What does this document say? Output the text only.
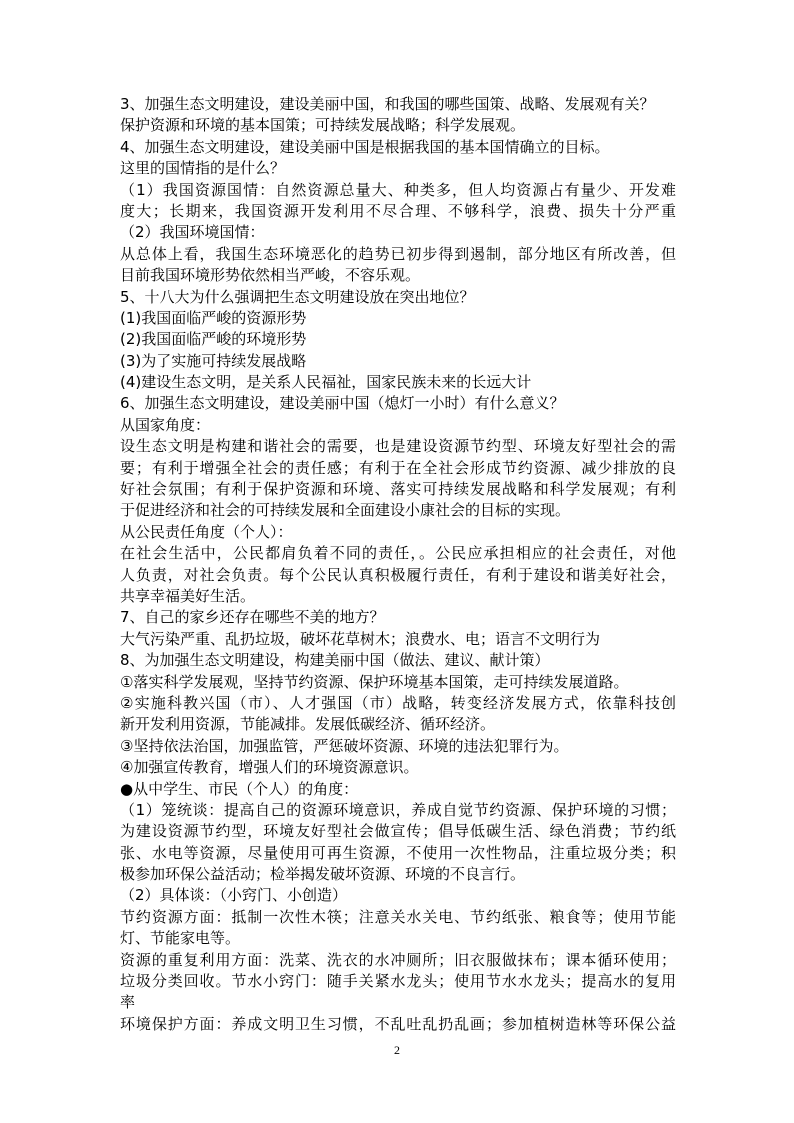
3、加强生态文明建设，建设美丽中国，和我国的哪些国策、战略、发展观有关？
保护资源和环境的基本国策；可持续发展战略；科学发展观。
4、加强生态文明建设，建设美丽中国是根据我国的基本国情确立的目标。
这里的国情指的是什么？
（1）我国资源国情：自然资源总量大、种类多，但人均资源占有量少、开发难
度大；长期来，我国资源开发利用不尽合理、不够科学，浪费、损失十分严重
（2）我国环境国情：
从总体上看，我国生态环境恶化的趋势已初步得到遏制，部分地区有所改善，但
目前我国环境形势依然相当严峻，不容乐观。
5、十八大为什么强调把生态文明建设放在突出地位？
(1)我国面临严峻的资源形势
(2)我国面临严峻的环境形势
(3)为了实施可持续发展战略
(4)建设生态文明，是关系人民福祉，国家民族未来的长远大计
6、加强生态文明建设，建设美丽中国（熄灯一小时）有什么意义？
从国家角度：
设生态文明是构建和谐社会的需要，也是建设资源节约型、环境友好型社会的需
要；有利于增强全社会的责任感；有利于在全社会形成节约资源、减少排放的良
好社会氛围；有利于保护资源和环境、落实可持续发展战略和科学发展观；有利
于促进经济和社会的可持续发展和全面建设小康社会的目标的实现。
从公民责任角度（个人）：
在社会生活中，公民都肩负着不同的责任，。公民应承担相应的社会责任，对他
人负责，对社会负责。每个公民认真积极履行责任，有利于建设和谐美好社会，
共享幸福美好生活。
7、自己的家乡还存在哪些不美的地方？
大气污染严重、乱扔垃圾，破坏花草树木；浪费水、电；语言不文明行为
8、为加强生态文明建设，构建美丽中国（做法、建议、献计策）
①落实科学发展观，坚持节约资源、保护环境基本国策，走可持续发展道路。
②实施科教兴国（市）、人才强国（市）战略，转变经济发展方式，依靠科技创
新开发利用资源，节能减排。发展低碳经济、循环经济。
③坚持依法治国，加强监管，严惩破坏资源、环境的违法犯罪行为。
④加强宣传教育，增强人们的环境资源意识。
●从中学生、市民（个人）的角度：
（1）笼统谈：提高自己的资源环境意识，养成自觉节约资源、保护环境的习惯；
为建设资源节约型，环境友好型社会做宣传；倡导低碳生活、绿色消费；节约纸
张、水电等资源，尽量使用可再生资源，不使用一次性物品，注重垃圾分类；积
极参加环保公益活动；检举揭发破坏资源、环境的不良言行。
（2）具体谈：（小窍门、小创造）
节约资源方面：抵制一次性木筷；注意关水关电、节约纸张、粮食等；使用节能
灯、节能家电等。
资源的重复利用方面：洗菜、洗衣的水冲厕所；旧衣服做抹布；课本循环使用；
垃圾分类回收。节水小窍门：随手关紧水龙头；使用节水水龙头；提高水的复用
率
环境保护方面：养成文明卫生习惯，不乱吐乱扔乱画；参加植树造林等环保公益
2
